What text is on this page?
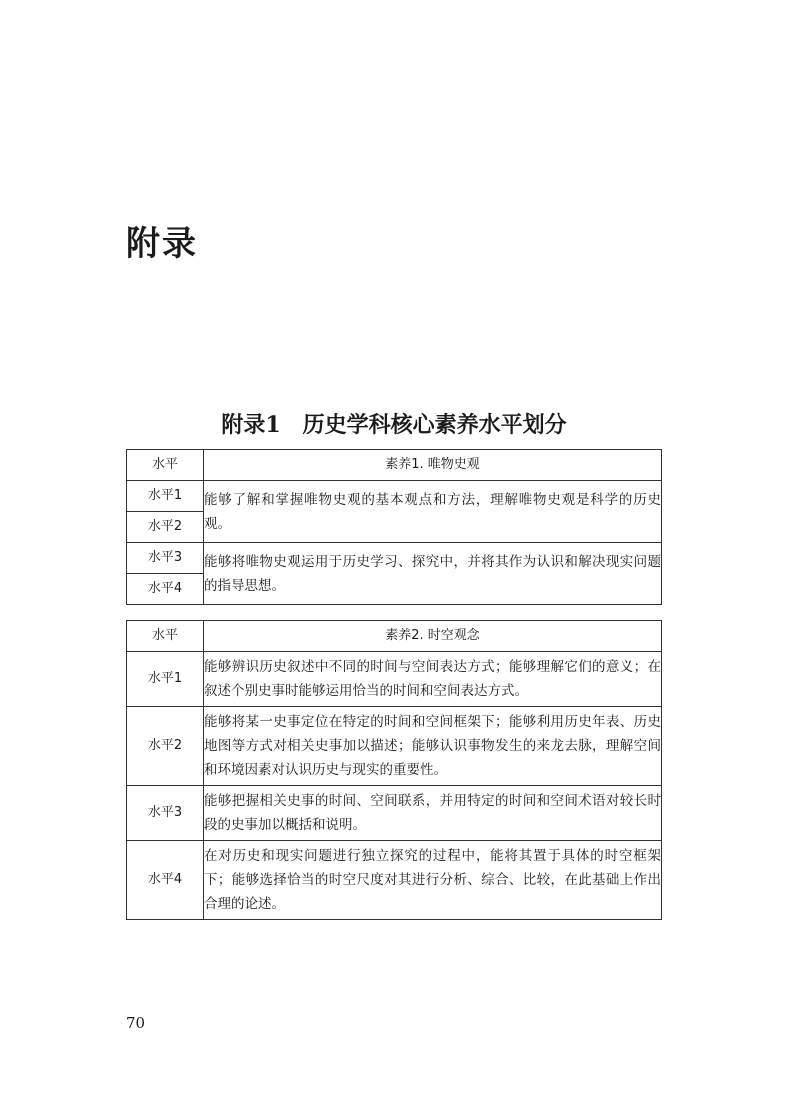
附录
附录1　历史学科核心素养水平划分
水平	素养1. 唯物史观
水平1	能够了解和掌握唯物史观的基本观点和方法，理解唯物史观是科学的历史观。
水平2	
水平3	能够将唯物史观运用于历史学习、探究中，并将其作为认识和解决现实问题的指导思想。
水平4	
水平	素养2. 时空观念
水平1	能够辨识历史叙述中不同的时间与空间表达方式；能够理解它们的意义；在叙述个别史事时能够运用恰当的时间和空间表达方式。
水平2	能够将某一史事定位在特定的时间和空间框架下；能够利用历史年表、历史地图等方式对相关史事加以描述；能够认识事物发生的来龙去脉，理解空间和环境因素对认识历史与现实的重要性。
水平3	能够把握相关史事的时间、空间联系，并用特定的时间和空间术语对较长时段的史事加以概括和说明。
水平4	在对历史和现实问题进行独立探究的过程中，能将其置于具体的时空框架下；能够选择恰当的时空尺度对其进行分析、综合、比较，在此基础上作出合理的论述。
70
